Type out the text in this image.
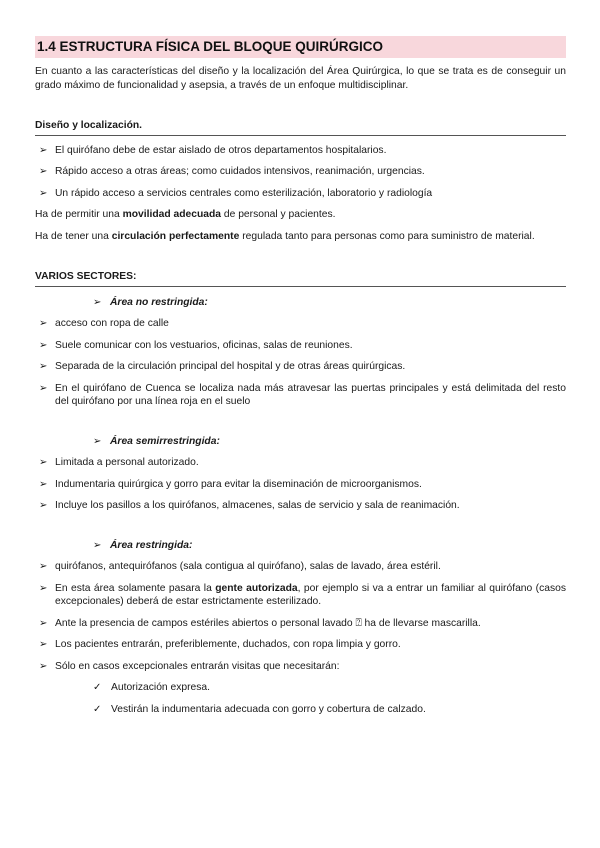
1.4 ESTRUCTURA FÍSICA DEL BLOQUE QUIRÚRGICO
En cuanto a las características del diseño y la localización del Área Quirúrgica, lo que se trata es de conseguir un grado máximo de funcionalidad y asepsia, a través de un enfoque multidisciplinar.
Diseño y localización.
➢ El quirófano debe de estar aislado de otros departamentos hospitalarios.
➢ Rápido acceso a otras áreas; como cuidados intensivos, reanimación, urgencias.
➢ Un rápido acceso a servicios centrales como esterilización, laboratorio y radiología
Ha de permitir una movilidad adecuada de personal y pacientes.
Ha de tener una circulación perfectamente regulada tanto para personas como para suministro de material.
VARIOS SECTORES:
➢ Área no restringida:
➢ acceso con ropa de calle
➢ Suele comunicar con los vestuarios, oficinas, salas de reuniones.
➢ Separada de la circulación principal del hospital y de otras áreas quirúrgicas.
➢ En el quirófano de Cuenca se localiza nada más atravesar las puertas principales y está delimitada del resto del quirófano por una línea roja en el suelo
➢ Área semirrestringida:
➢ Limitada a personal autorizado.
➢ Indumentaria quirúrgica y gorro para evitar la diseminación de microorganismos.
➢ Incluye los pasillos a los quirófanos, almacenes, salas de servicio y sala de reanimación.
➢ Área restringida:
➢ quirófanos, antequirófanos (sala contigua al quirófano), salas de lavado, área estéril.
➢ En esta área solamente pasara la gente autorizada, por ejemplo si va a entrar un familiar al quirófano (casos excepcionales) deberá de estar estrictamente esterilizado.
➢ Ante la presencia de campos estériles abiertos o personal lavado ⍰ ha de llevarse mascarilla.
➢ Los pacientes entrarán, preferiblemente, duchados, con ropa limpia y gorro.
➢ Sólo en casos excepcionales entrarán visitas que necesitarán:
✓ Autorización expresa.
✓ Vestirán la indumentaria adecuada con gorro y cobertura de calzado.
